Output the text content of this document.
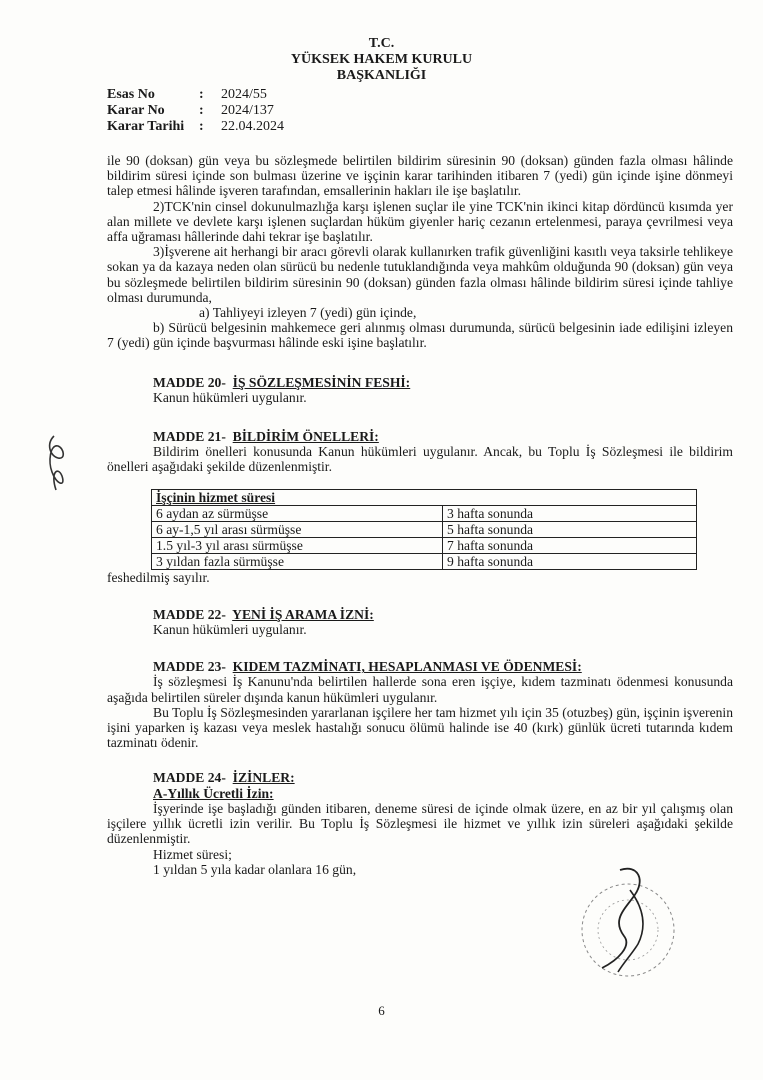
T.C.
YÜKSEK HAKEM KURULU
BAŞKANLIĞI
Esas No	:	2024/55
Karar No	:	2024/137
Karar Tarihi	:	22.04.2024

ile 90 (doksan) gün veya bu sözleşmede belirtilen bildirim süresinin 90 (doksan) günden fazla olması hâlinde bildirim süresi içinde son bulması üzerine ve işçinin karar tarihinden itibaren 7 (yedi) gün içinde işine dönmeyi talep etmesi hâlinde işveren tarafından, emsallerinin hakları ile işe başlatılır.

2)TCK'nin cinsel dokunulmazlığa karşı işlenen suçlar ile yine TCK'nin ikinci kitap dördüncü kısımda yer alan millete ve devlete karşı işlenen suçlardan hüküm giyenler hariç cezanın ertelenmesi, paraya çevrilmesi veya affa uğraması hâllerinde dahi tekrar işe başlatılır.

3)İşverene ait herhangi bir aracı görevli olarak kullanırken trafik güvenliğini kasıtlı veya taksirle tehlikeye sokan ya da kazaya neden olan sürücü bu nedenle tutuklandığında veya mahkûm olduğunda 90 (doksan) gün veya bu sözleşmede belirtilen bildirim süresinin 90 (doksan) günden fazla olması hâlinde bildirim süresi içinde tahliye olması durumunda,

a) Tahliyeyi izleyen 7 (yedi) gün içinde,

b) Sürücü belgesinin mahkemece geri alınmış olması durumunda, sürücü belgesinin iade edilişini izleyen 7 (yedi) gün içinde başvurması hâlinde eski işine başlatılır.

MADDE 20- İŞ SÖZLEŞMESİNİN FESHİ:

Kanun hükümleri uygulanır.

MADDE 21- BİLDİRİM ÖNELLERİ:

Bildirim önelleri konusunda Kanun hükümleri uygulanır. Ancak, bu Toplu İş Sözleşmesi ile bildirim önelleri aşağıdaki şekilde düzenlenmiştir.

İşçinin hizmet süresi	
6 aydan az sürmüşse	3 hafta sonunda
6 ay-1,5 yıl arası sürmüşse	5 hafta sonunda
1.5 yıl-3 yıl arası sürmüşse	7 hafta sonunda
3 yıldan fazla sürmüşse	9 hafta sonunda

feshedilmiş sayılır.

MADDE 22- YENİ İŞ ARAMA İZNİ:

Kanun hükümleri uygulanır.

MADDE 23- KIDEM TAZMİNATI, HESAPLANMASI VE ÖDENMESİ:

İş sözleşmesi İş Kanunu'nda belirtilen hallerde sona eren işçiye, kıdem tazminatı ödenmesi konusunda aşağıda belirtilen süreler dışında kanun hükümleri uygulanır.

Bu Toplu İş Sözleşmesinden yararlanan işçilere her tam hizmet yılı için 35 (otuzbeş) gün, işçinin işverenin işini yaparken iş kazası veya meslek hastalığı sonucu ölümü halinde ise 40 (kırk) günlük ücreti tutarında kıdem tazminatı ödenir.

MADDE 24- İZİNLER:
A-Yıllık Ücretli İzin:

İşyerinde işe başladığı günden itibaren, deneme süresi de içinde olmak üzere, en az bir yıl çalışmış olan işçilere yıllık ücretli izin verilir. Bu Toplu İş Sözleşmesi ile hizmet ve yıllık izin süreleri aşağıdaki şekilde düzenlenmiştir.

Hizmet süresi;

1 yıldan 5 yıla kadar olanlara 16 gün,

6
